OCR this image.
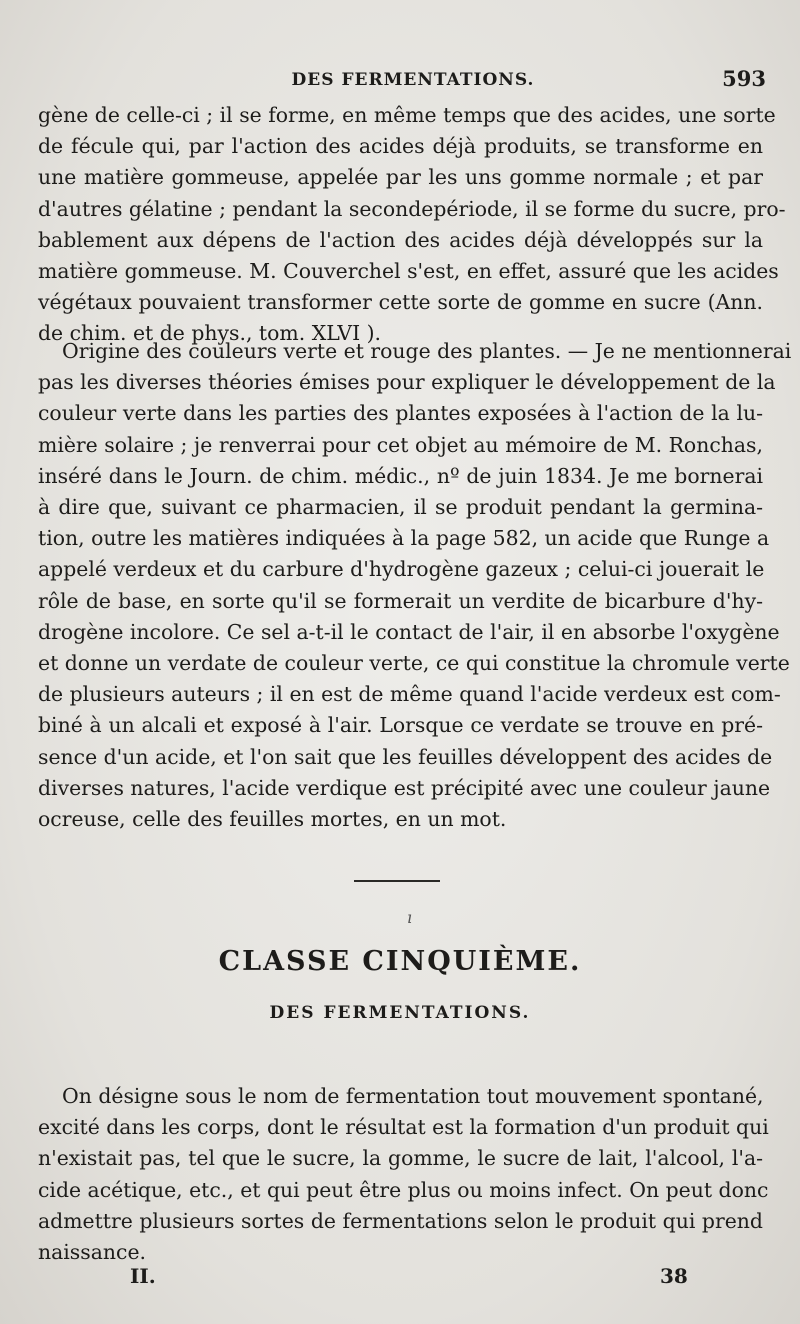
DES FERMENTATIONS.	593
gène de celle-ci ; il se forme, en même temps que des acides, une sorte
de fécule qui, par l'action des acides déjà produits, se transforme en
une matière gommeuse, appelée par les uns gomme normale ; et par
d'autres gélatine ; pendant la secondepériode, il se forme du sucre, pro-
bablement aux dépens de l'action des acides déjà développés sur la
matière gommeuse. M. Couverchel s'est, en effet, assuré que les acides
végétaux pouvaient transformer cette sorte de gomme en sucre (Ann.
de chim. et de phys., tom. XLVI ).
Origine des couleurs verte et rouge des plantes. — Je ne mentionnerai
pas les diverses théories émises pour expliquer le développement de la
couleur verte dans les parties des plantes exposées à l'action de la lu-
mière solaire ; je renverrai pour cet objet au mémoire de M. Ronchas,
inséré dans le Journ. de chim. médic., nº de juin 1834. Je me bornerai
à dire que, suivant ce pharmacien, il se produit pendant la germina-
tion, outre les matières indiquées à la page 582, un acide que Runge a
appelé verdeux et du carbure d'hydrogène gazeux ; celui-ci jouerait le
rôle de base, en sorte qu'il se formerait un verdite de bicarbure d'hy-
drogène incolore. Ce sel a-t-il le contact de l'air, il en absorbe l'oxygène
et donne un verdate de couleur verte, ce qui constitue la chromule verte
de plusieurs auteurs ; il en est de même quand l'acide verdeux est com-
biné à un alcali et exposé à l'air. Lorsque ce verdate se trouve en pré-
sence d'un acide, et l'on sait que les feuilles développent des acides de
diverses natures, l'acide verdique est précipité avec une couleur jaune
ocreuse, celle des feuilles mortes, en un mot.
ı
CLASSE CINQUIÈME.
DES FERMENTATIONS.
On désigne sous le nom de fermentation tout mouvement spontané,
excité dans les corps, dont le résultat est la formation d'un produit qui
n'existait pas, tel que le sucre, la gomme, le sucre de lait, l'alcool, l'a-
cide acétique, etc., et qui peut être plus ou moins infect. On peut donc
admettre plusieurs sortes de fermentations selon le produit qui prend
naissance.
II.	38
